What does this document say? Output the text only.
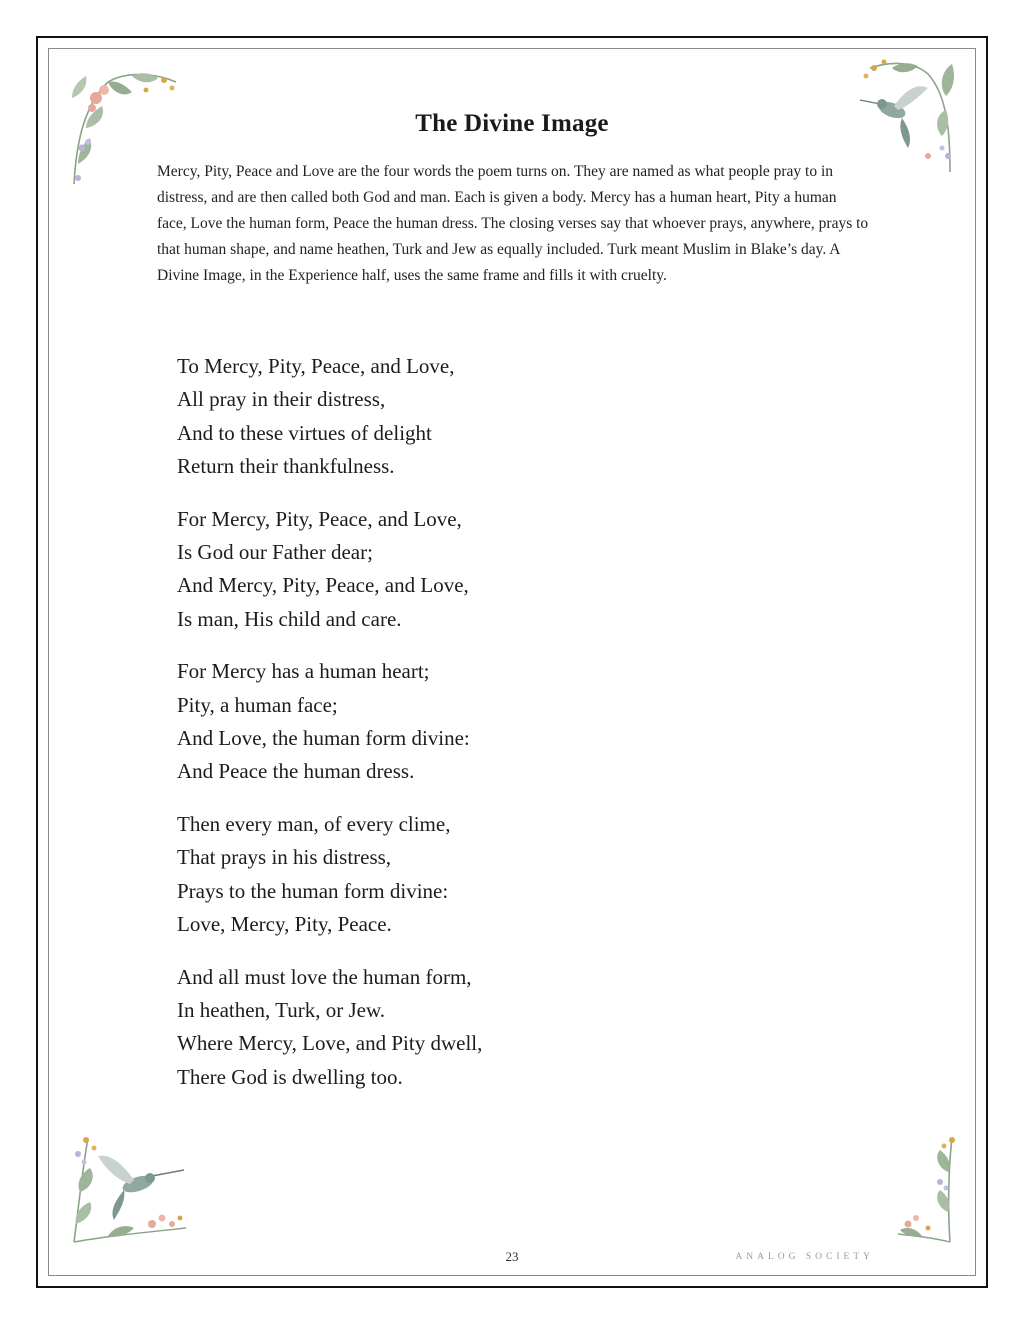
The Divine Image

Mercy, Pity, Peace and Love are the four words the poem turns on. They are named as what people pray to in distress, and are then called both God and man. Each is given a body. Mercy has a human heart, Pity a human face, Love the human form, Peace the human dress. The closing verses say that whoever prays, anywhere, prays to that human shape, and name heathen, Turk and Jew as equally included. Turk meant Muslim in Blake’s day. A Divine Image, in the Experience half, uses the same frame and fills it with cruelty.

To Mercy, Pity, Peace, and Love,
All pray in their distress,
And to these virtues of delight
Return their thankfulness.
For Mercy, Pity, Peace, and Love,
Is God our Father dear;
And Mercy, Pity, Peace, and Love,
Is man, His child and care.
For Mercy has a human heart;
Pity, a human face;
And Love, the human form divine:
And Peace the human dress.
Then every man, of every clime,
That prays in his distress,
Prays to the human form divine:
Love, Mercy, Pity, Peace.
And all must love the human form,
In heathen, Turk, or Jew.
Where Mercy, Love, and Pity dwell,
There God is dwelling too.
23	ANALOG SOCIETY
